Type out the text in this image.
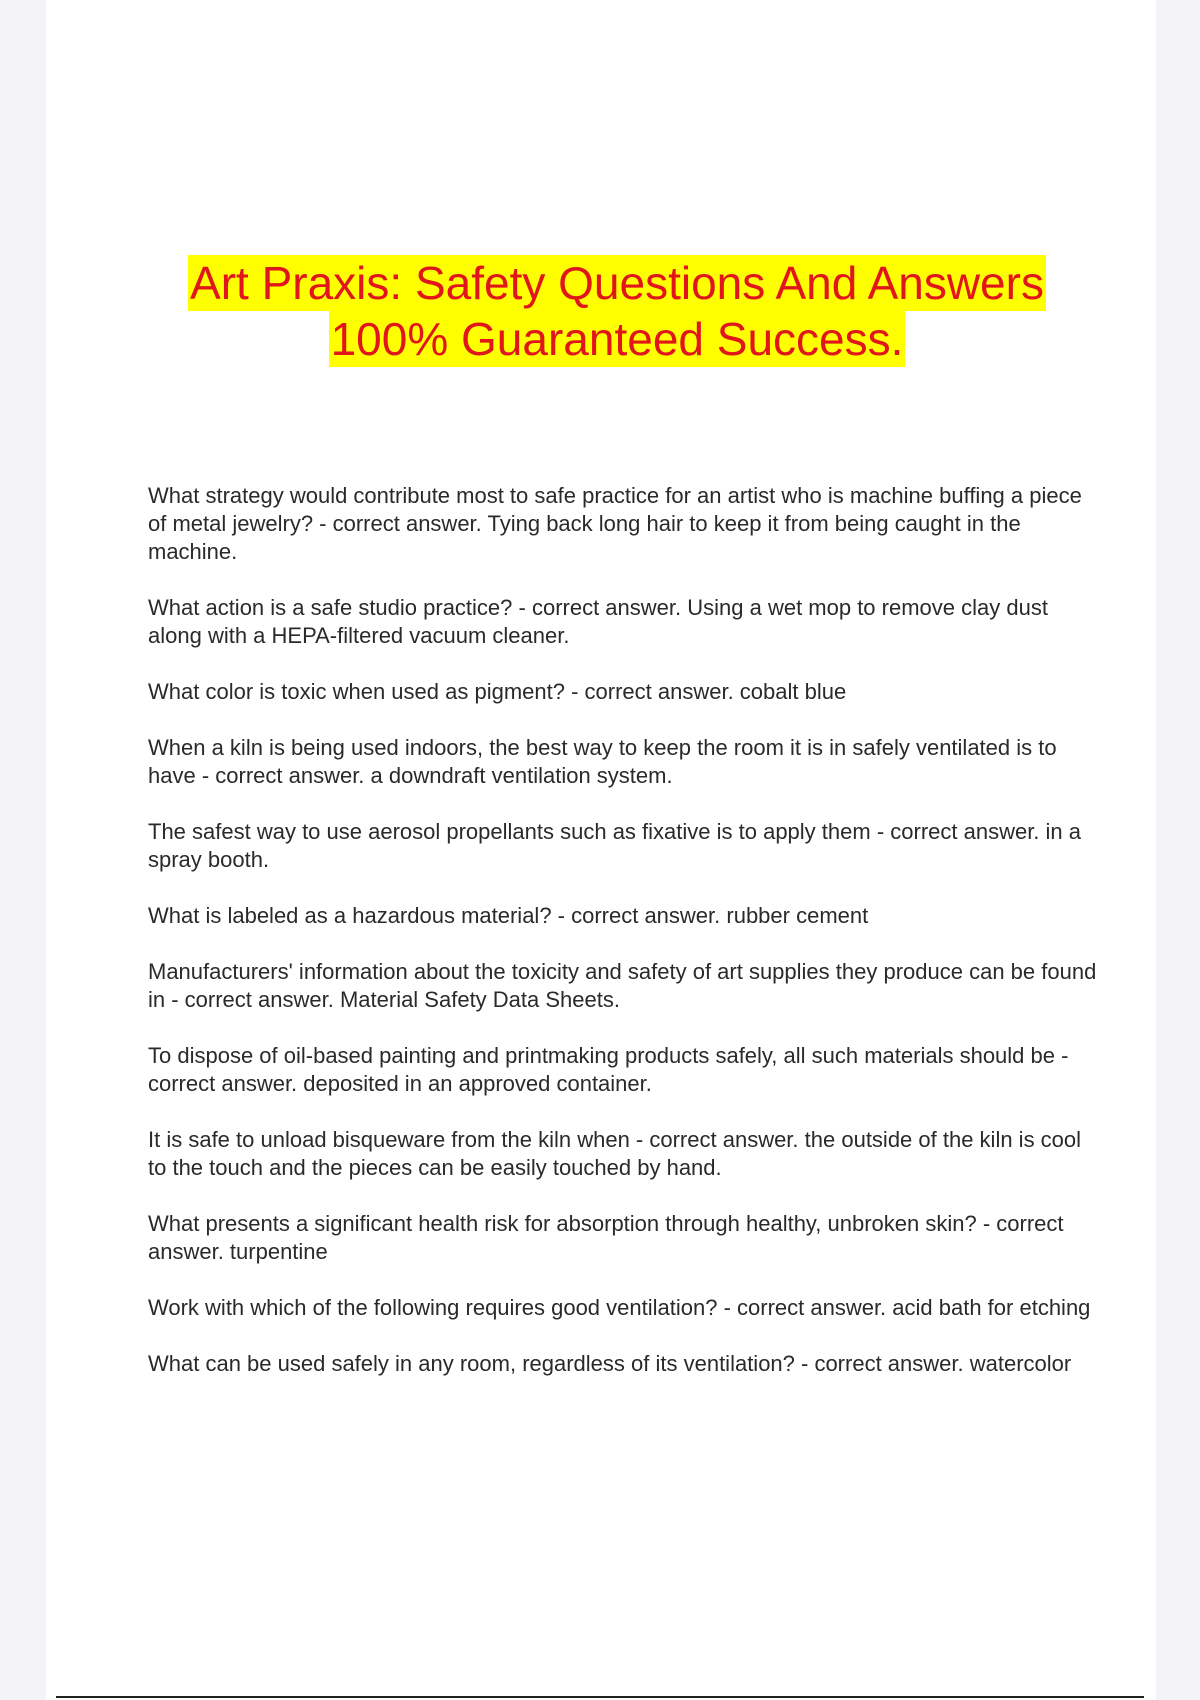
Art Praxis: Safety Questions And Answers
100% Guaranteed Success.

What strategy would contribute most to safe practice for an artist who is machine buffing a piece of metal jewelry? - correct answer. Tying back long hair to keep it from being caught in the machine.

What action is a safe studio practice? - correct answer. Using a wet mop to remove clay dust along with a HEPA-filtered vacuum cleaner.

What color is toxic when used as pigment? - correct answer. cobalt blue

When a kiln is being used indoors, the best way to keep the room it is in safely ventilated is to have - correct answer. a downdraft ventilation system.

The safest way to use aerosol propellants such as fixative is to apply them - correct answer. in a spray booth.

What is labeled as a hazardous material? - correct answer. rubber cement

Manufacturers' information about the toxicity and safety of art supplies they produce can be found in - correct answer. Material Safety Data Sheets.

To dispose of oil-based painting and printmaking products safely, all such materials should be - correct answer. deposited in an approved container.

It is safe to unload bisqueware from the kiln when - correct answer. the outside of the kiln is cool to the touch and the pieces can be easily touched by hand.

What presents a significant health risk for absorption through healthy, unbroken skin? - correct answer. turpentine

Work with which of the following requires good ventilation? - correct answer. acid bath for etching

What can be used safely in any room, regardless of its ventilation? - correct answer. watercolor
